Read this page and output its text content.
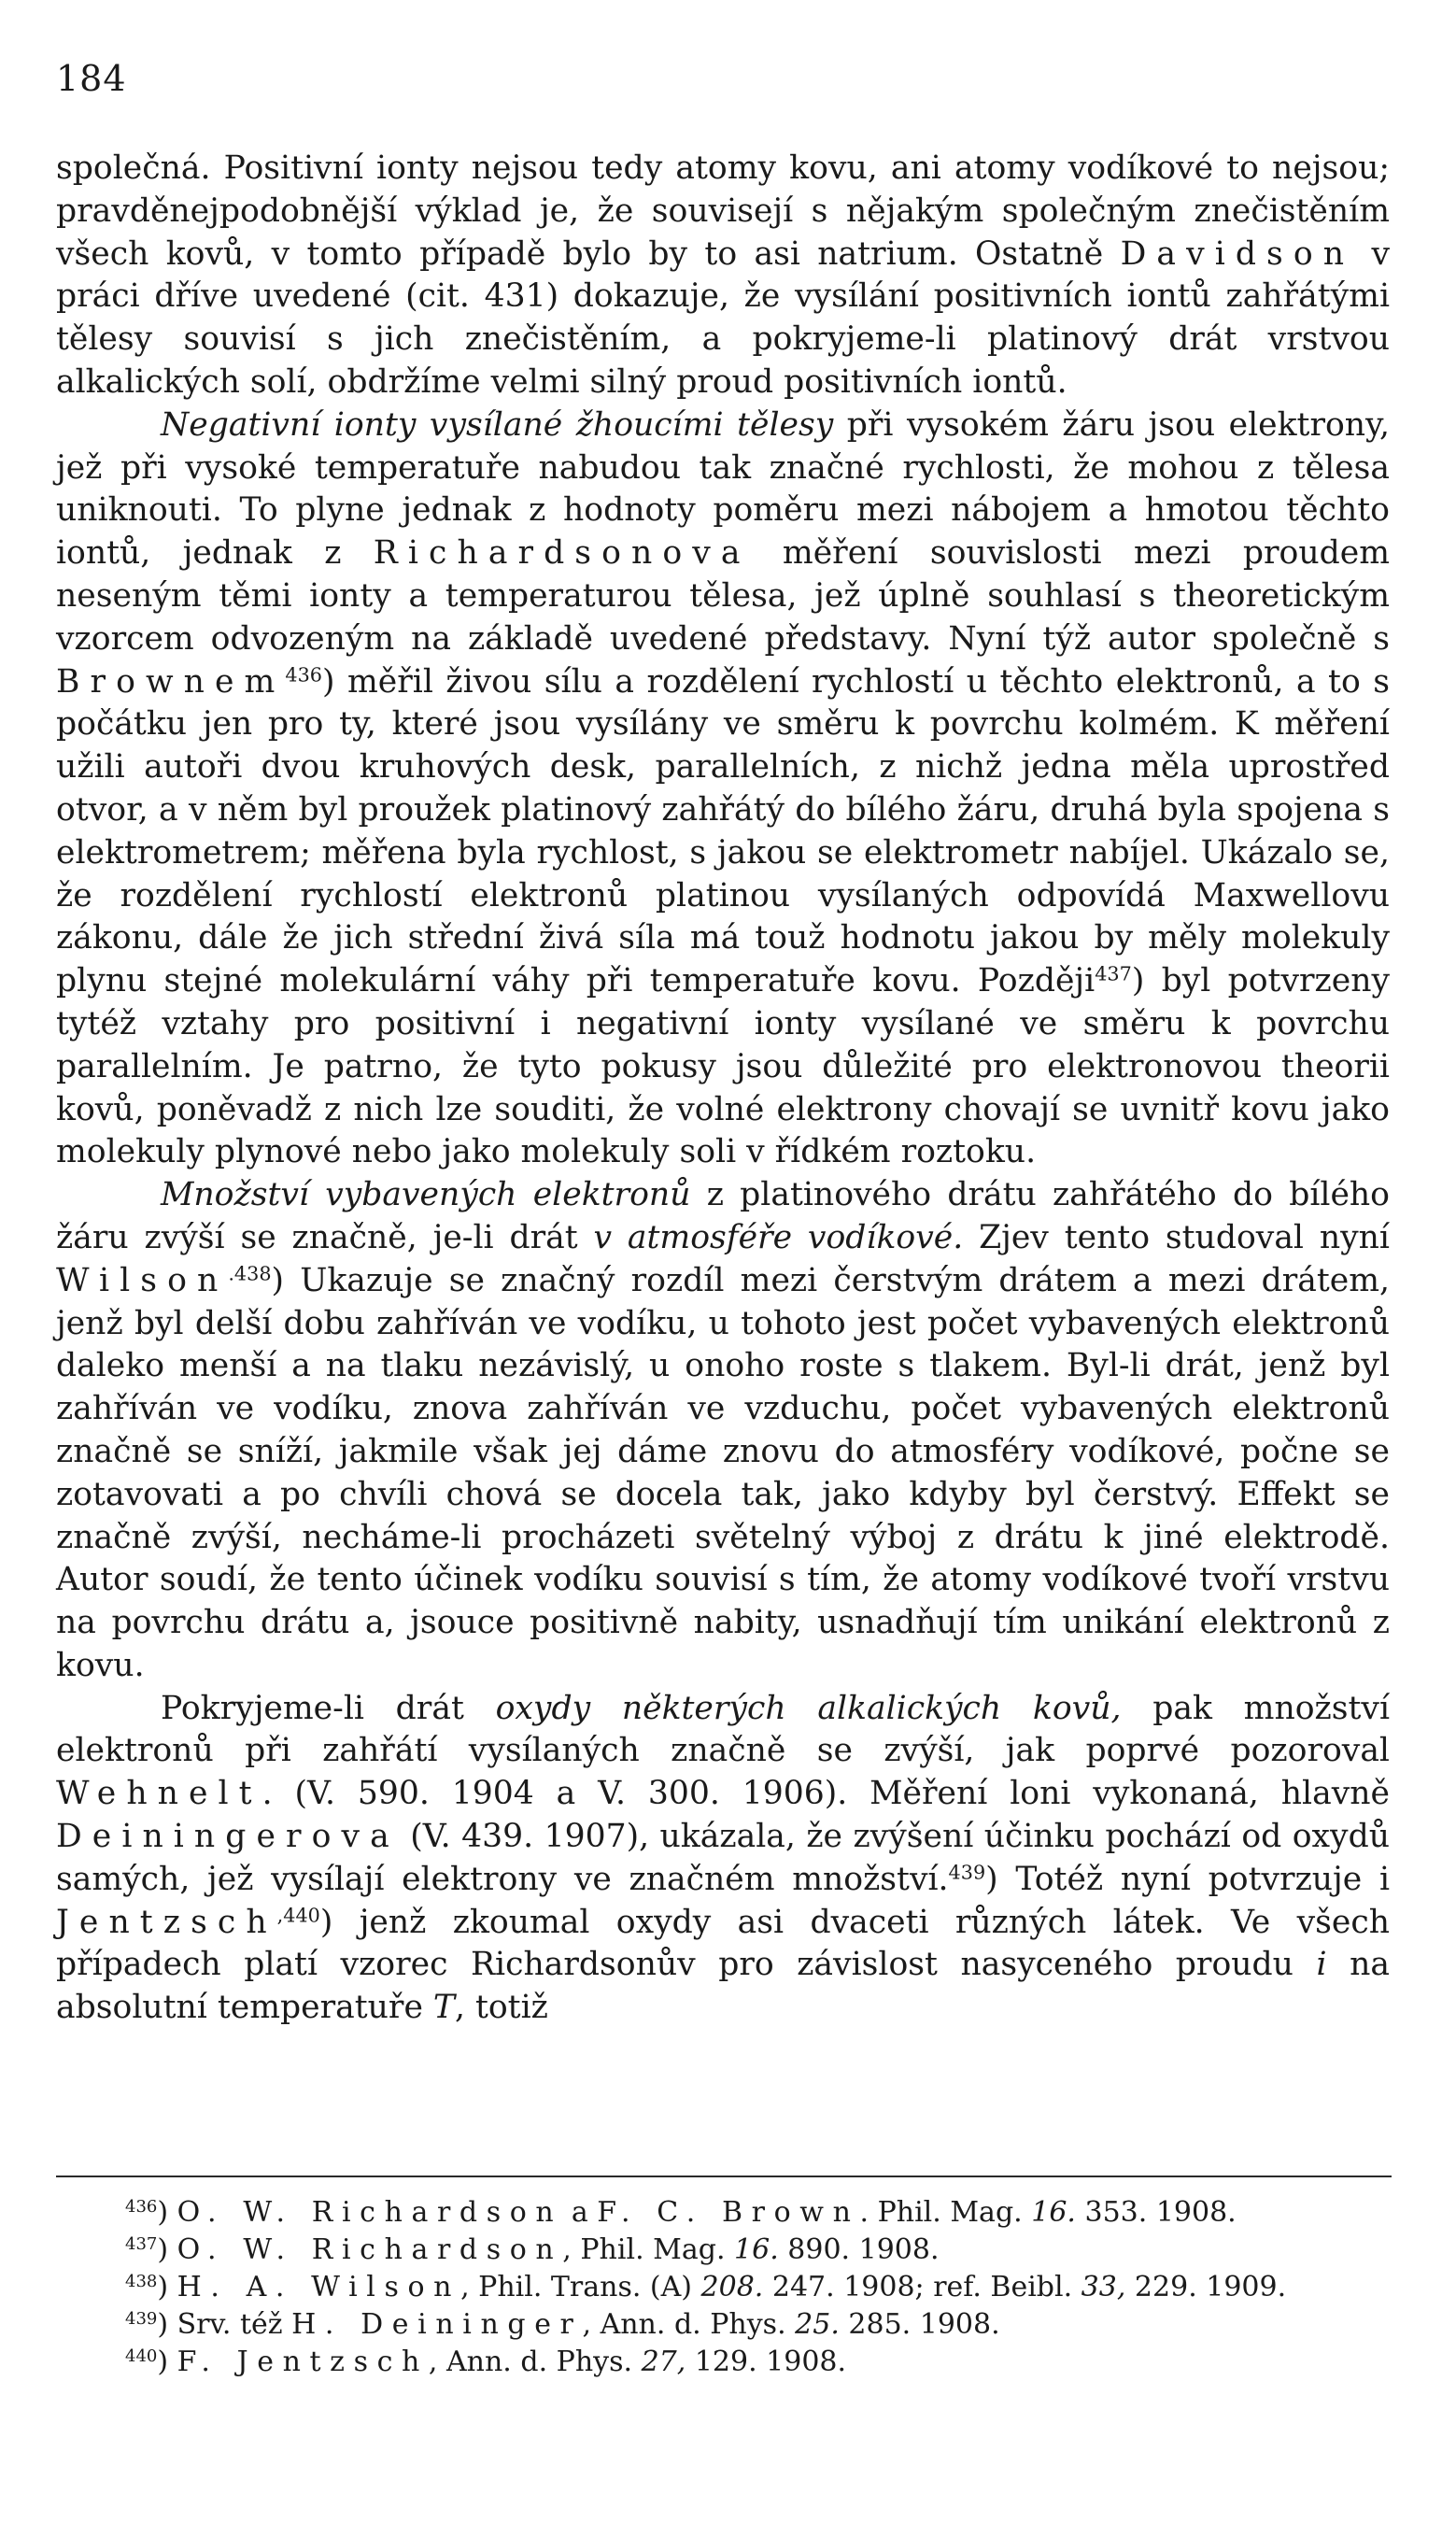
184

společná. Positivní ionty nejsou tedy atomy kovu, ani atomy vodíkové to nejsou; pravděnejpodobnější výklad je, že souvisejí s nějakým společným znečistěním všech kovů, v tomto případě bylo by to asi natrium. Ostatně Davidson v práci dříve uvedené (cit. 431) dokazuje, že vysílání positivních iontů zahřátými tělesy souvisí s jich znečistěním, a pokryjeme-li platinový drát vrstvou alkalických solí, obdržíme velmi silný proud positivních iontů.

Negativní ionty vysílané žhoucími tělesy při vysokém žáru jsou elektrony, jež při vysoké temperatuře nabudou tak značné rychlosti, že mohou z tělesa uniknouti. To plyne jednak z hodnoty poměru mezi nábojem a hmotou těchto iontů, jednak z Richardsonova měření souvislosti mezi proudem neseným těmi ionty a temperaturou tělesa, jež úplně souhlasí s theoretickým vzorcem odvozeným na základě uvedené představy. Nyní týž autor společně s Brownem$^{436}$) měřil živou sílu a rozdělení rychlostí u těchto elektronů, a to s počátku jen pro ty, které jsou vysílány ve směru k povrchu kolmém. K měření užili autoři dvou kruhových desk, parallelních, z nichž jedna měla uprostřed otvor, a v něm byl proužek platinový zahřátý do bílého žáru, druhá byla spojena s elektrometrem; měřena byla rychlost, s jakou se elektrometr nabíjel. Ukázalo se, že rozdělení rychlostí elektronů platinou vysílaných odpovídá Maxwellovu zákonu, dále že jich střední živá síla má touž hodnotu jakou by měly molekuly plynu stejné molekulární váhy při temperatuře kovu. Později$^{437}$) byl potvrzeny tytéž vztahy pro positivní i negativní ionty vysílané ve směru k povrchu parallelním. Je patrno, že tyto pokusy jsou důležité pro elektronovou theorii kovů, poněvadž z nich lze souditi, že volné elektrony chovají se uvnitř kovu jako molekuly plynové nebo jako molekuly soli v řídkém roztoku.

Množství vybavených elektronů z platinového drátu zahřátého do bílého žáru zvýší se značně, je-li drát v atmosféře vodíkové. Zjev tento studoval nyní Wilson$^{.438}$) Ukazuje se značný rozdíl mezi čerstvým drátem a mezi drátem, jenž byl delší dobu zahříván ve vodíku, u tohoto jest počet vybavených elektronů daleko menší a na tlaku nezávislý, u onoho roste s tlakem. Byl-li drát, jenž byl zahříván ve vodíku, znova zahříván ve vzduchu, počet vybavených elektronů značně se sníží, jakmile však jej dáme znovu do atmosféry vodíkové, počne se zotavovati a po chvíli chová se docela tak, jako kdyby byl čerstvý. Effekt se značně zvýší, necháme-li procházeti světelný výboj z drátu k jiné elektrodě. Autor soudí, že tento účinek vodíku souvisí s tím, že atomy vodíkové tvoří vrstvu na povrchu drátu a, jsouce positivně nabity, usnadňují tím unikání elektronů z kovu.

Pokryjeme-li drát oxydy některých alkalických kovů, pak množství elektronů při zahřátí vysílaných značně se zvýší, jak poprvé pozoroval Wehnelt. (V. 590. 1904 a V. 300. 1906). Měření loni vykonaná, hlavně Deiningerova (V. 439. 1907), ukázala, že zvýšení účinku pochází od oxydů samých, jež vysílají elektrony ve značném množství.$^{439}$) Totéž nyní potvrzuje i Jentzsch$^{,440}$) jenž zkoumal oxydy asi dvaceti různých látek. Ve všech případech platí vzorec Richardsonův pro závislost nasyceného proudu i na absolutní temperatuře T, totiž

$^{436}$) O. W. Richardson a F. C. Brown. Phil. Mag. 16. 353. 1908.
$^{437}$) O. W. Richardson, Phil. Mag. 16. 890. 1908.
$^{438}$) H. A. Wilson, Phil. Trans. (A) 208. 247. 1908; ref. Beibl. 33, 229. 1909.
$^{439}$) Srv. též H. Deininger, Ann. d. Phys. 25. 285. 1908.
$^{440}$) F. Jentzsch, Ann. d. Phys. 27, 129. 1908.
